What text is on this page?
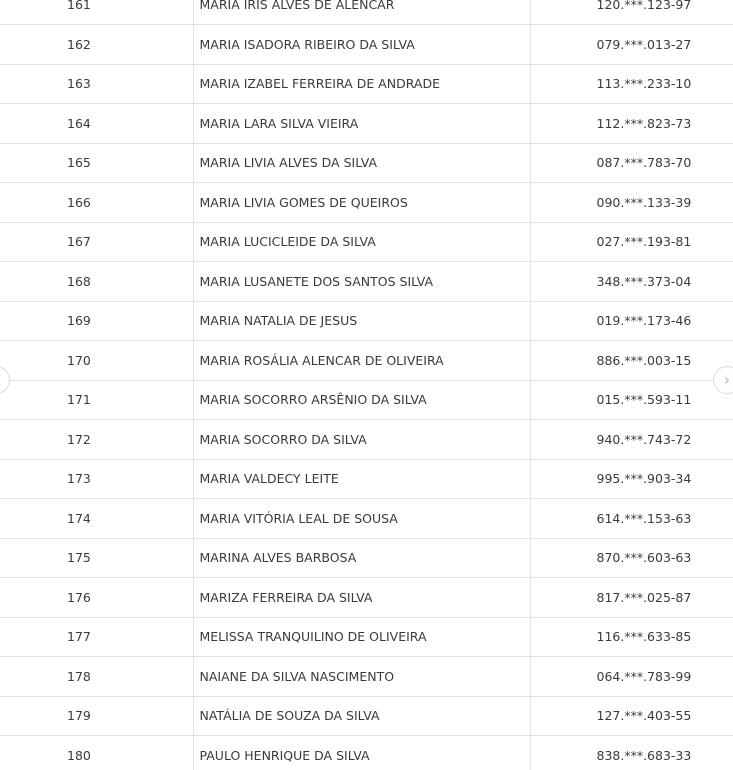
161	MARIA IRIS ALVES DE ALENCAR	120.***.123-97
162	MARIA ISADORA RIBEIRO DA SILVA	079.***.013-27
163	MARIA IZABEL FERREIRA DE ANDRADE	113.***.233-10
164	MARIA LARA SILVA VIEIRA	112.***.823-73
165	MARIA LIVIA ALVES DA SILVA	087.***.783-70
166	MARIA LIVIA GOMES DE QUEIROS	090.***.133-39
167	MARIA LUCICLEIDE DA SILVA	027.***.193-81
168	MARIA LUSANETE DOS SANTOS SILVA	348.***.373-04
169	MARIA NATALIA DE JESUS	019.***.173-46
170	MARIA ROSÁLIA ALENCAR DE OLIVEIRA	886.***.003-15
171	MARIA SOCORRO ARSÊNIO DA SILVA	015.***.593-11
172	MARIA SOCORRO DA SILVA	940.***.743-72
173	MARIA VALDECY LEITE	995.***.903-34
174	MARIA VITÓRIA LEAL DE SOUSA	614.***.153-63
175	MARINA ALVES BARBOSA	870.***.603-63
176	MARIZA FERREIRA DA SILVA	817.***.025-87
177	MELISSA TRANQUILINO DE OLIVEIRA	116.***.633-85
178	NAIANE DA SILVA NASCIMENTO	064.***.783-99
179	NATÁLIA DE SOUZA DA SILVA	127.***.403-55
180	PAULO HENRIQUE DA SILVA	838.***.683-33
›
